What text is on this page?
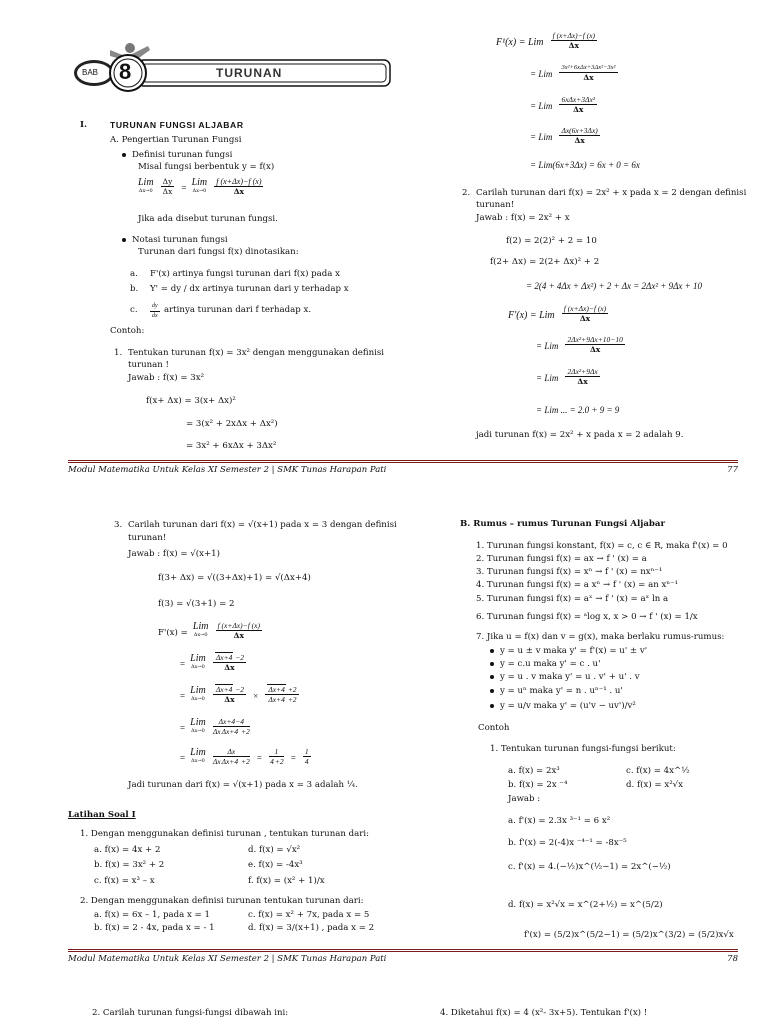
BAB 8	TURUNAN
I.	TURUNAN FUNGSI ALJABAR
A. Pengertian Turunan Fungsi
Definisi turunan fungsi
Misal fungsi berbentuk y = f(x)
Lim
Δx→0
$\frac{\Delta y}{\Delta x}$ =
Lim
Δx→0
$\frac{f (x+\Delta x)-f (x)}{\Delta x}$
Jika ada disebut turunan fungsi.
Notasi turunan fungsi
Turunan dari fungsi f(x) dinotasikan:
a. F'(x) artinya fungsi turunan dari f(x) pada x
b. Y' = dy / dx artinya turunan dari y terhadap x
c. $\frac{dy}{dx}$ artinya turunan dari f terhadap x.
Contoh:
1. Tentukan turunan f(x) = 3x² dengan menggunakan definisi
turunan !
Jawab : f(x) = 3x²
f(x+ Δx) = 3(x+ Δx)²
= 3(x² + 2xΔx + Δx²)
= 3x² + 6xΔx + 3Δx²
F¹(x) = Lim $\frac{f (x+\Delta x)-f (x)}{\Delta x}$
= Lim $\frac{\text{3x²+6xΔx+3Δx²−3x²}}{\Delta x}$
= Lim $\frac{\text{6xΔx+3Δx²}}{\Delta x}$
= Lim $\frac{\Delta x(6x+3\Delta x)}{\Delta x}$
= Lim(6x+3Δx) = 6x + 0 = 6x
2. Carilah turunan dari f(x) = 2x² + x pada x = 2 dengan definisi
turunan!
Jawab : f(x) = 2x² + x
f(2) = 2(2)² + 2 = 10
f(2+ Δx) = 2(2+ Δx)² + 2
= 2(4 + 4Δx + Δx²) + 2 + Δx = 2Δx² + 9Δx + 10
F'(x) = Lim $\frac{f (x+\Delta x)-f (x)}{\Delta x}$
= Lim $\frac{\text{2Δx²+9Δx+10−10}}{\Delta x}$
= Lim $\frac{\text{2Δx²+9Δx}}{\Delta x}$
= Lim ... = 2.0 + 9 = 9
jadi turunan f(x) = 2x² + x pada x = 2 adalah 9.
Modul Matematika Untuk Kelas XI Semester 2 | SMK Tunas Harapan Pati	77
3. Carilah turunan dari f(x) = √(x+1) pada x = 3 dengan definisi
turunan!
Jawab : f(x) = √(x+1)
f(3+ Δx) = √((3+Δx)+1) = √(Δx+4)
f(3) = √(3+1) = 2
F'(x) =
Lim
Δx→0
$\frac{f (x+\Delta x)-f (x)}{\Delta x}$
=
Lim
Δx→0
$\frac{\Delta x+4 -2}{\Delta x}$
=
Lim
Δx→0
$\frac{\Delta x+4 -2}{\Delta x} \times \frac{\Delta x+4 +2}{\Delta x+4 +2}$
=
Lim
Δx→0
$\frac{\Delta x+4-4}{\text{ΔxΔx+4 +2}}$
=
Lim
Δx→0
$\frac{\Delta x}{\text{ΔxΔx+4 +2}} = \frac{1}{4+2} = \frac{1}{4}$
Jadi turunan dari f(x) = √(x+1) pada x = 3 adalah ¼.
Latihan Soal I
1. Dengan menggunakan definisi turunan , tentukan turunan dari:
a. f(x) = 4x + 2
b. f(x) = 3x² + 2
c. f(x) = x³ – x
d. f(x) = √x²
e. f(x) = -4x³
f. f(x) = (x² + 1)/x
2. Dengan menggunakan definisi turunan tentukan turunan dari:
a. f(x) = 6x – 1, pada x = 1
b. f(x) = 2 - 4x, pada x = - 1
c. f(x) = x² + 7x, pada x = 5
d. f(x) = 3/(x+1) , pada x = 2
B. Rumus – rumus Turunan Fungsi Aljabar
1. Turunan fungsi konstant, f(x) = c, c ∈ R, maka f'(x) = 0
2. Turunan fungsi f(x) = ax → f ' (x) = a
3. Turunan fungsi f(x) = xⁿ → f ' (x) = nxⁿ⁻¹
4. Turunan fungsi f(x) = a xⁿ → f ' (x) = an xⁿ⁻¹
5. Turunan fungsi f(x) = aˣ → f ' (x) = aˣ ln a
6. Turunan fungsi f(x) = ᵃlog x, x > 0 → f ' (x) = 1/x
7. Jika u = f(x) dan v = g(x), maka berlaku rumus-rumus:
y = u ± v maka y' = f'(x) = u' ± v'
y = c.u maka y' = c . u'
y = u . v maka y' = u . v' + u' . v
y = uⁿ maka y' = n . uⁿ⁻¹ . u'
y = u/v maka y' = (u'v − uv')/v²
Contoh
1. Tentukan turunan fungsi-fungsi berikut:
a. f(x) = 2x³
b. f(x) = 2x ⁻⁴
c. f(x) = 4x^½
d. f(x) = x²√x
Jawab :
a. f'(x) = 2.3x ³⁻¹ = 6 x²
b. f'(x) = 2(-4)x ⁻⁴⁻¹ = -8x⁻⁵
c. f'(x) = 4.(−½)x^(½−1) = 2x^(−½)
d. f(x) = x²√x = x^(2+½) = x^(5/2)
f'(x) = (5/2)x^(5/2−1) = (5/2)x^(3/2) = (5/2)x√x
Modul Matematika Untuk Kelas XI Semester 2 | SMK Tunas Harapan Pati	78
2. Carilah turunan fungsi-fungsi dibawah ini:	4. Diketahui f(x) = 4 (x²- 3x+5). Tentukan f'(x) !
